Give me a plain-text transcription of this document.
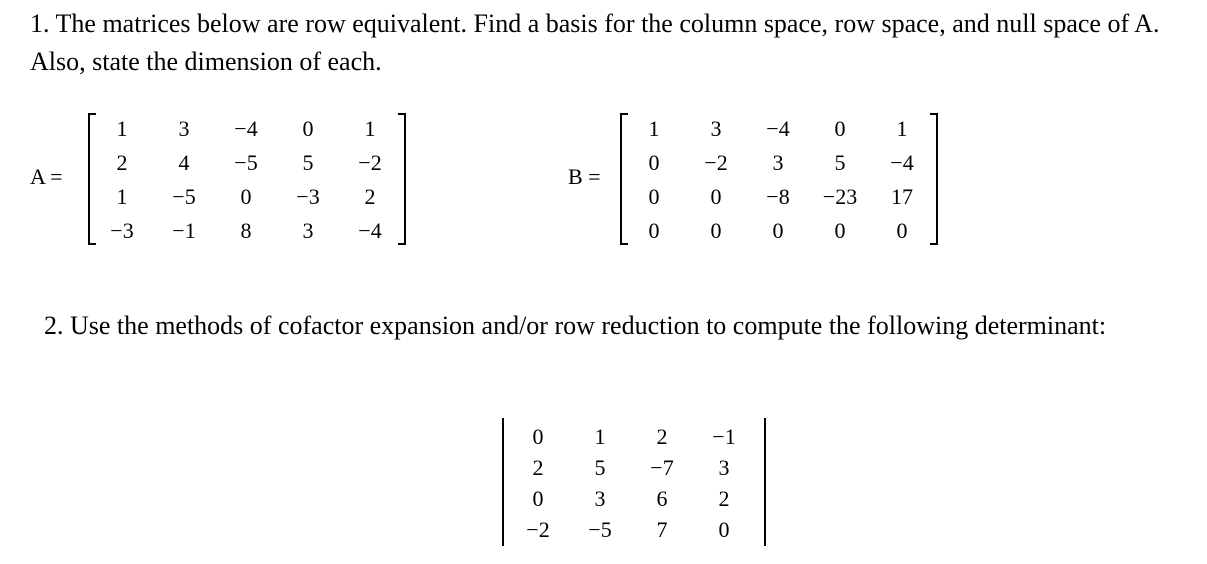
1. The matrices below are row equivalent. Find a basis for the column space, row space, and null space of A. Also, state the dimension of each.

A =
1	3	−4	0	1
2	4	−5	5	−2
1	−5	0	−3	2
−3	−1	8	3	−4
B =
1	3	−4	0	1
0	−2	3	5	−4
0	0	−8	−23	17
0	0	0	0	0

2. Use the methods of cofactor expansion and/or row reduction to compute the following determinant:

0	1	2	−1
2	5	−7	3
0	3	6	2
−2	−5	7	0
